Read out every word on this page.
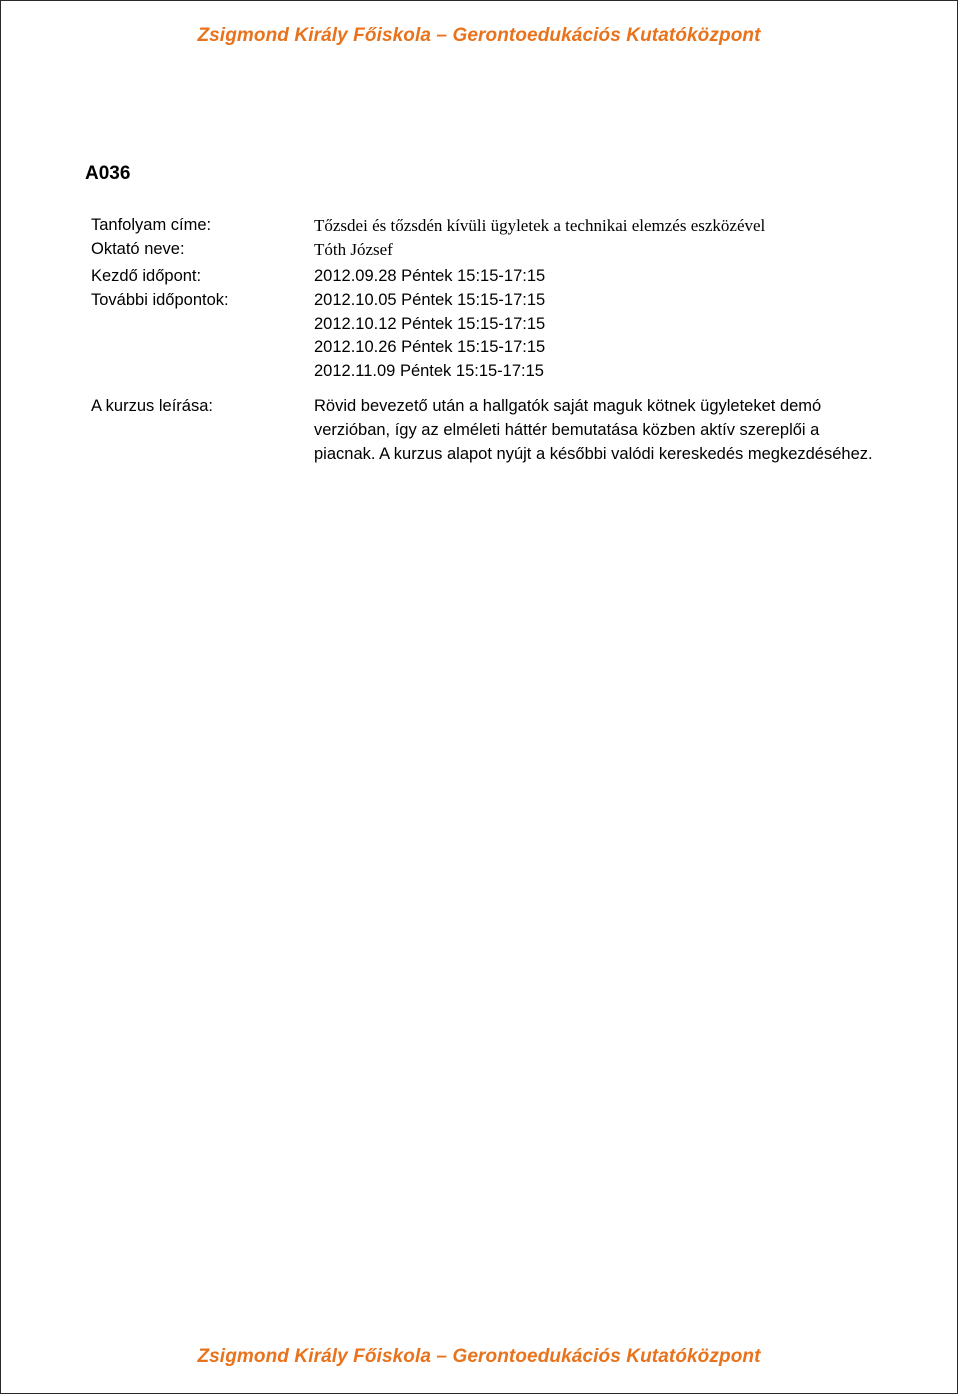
Zsigmond Király Főiskola – Gerontoedukációs Kutatóközpont
A036
Tanfolyam címe:	Tőzsdei és tőzsdén kívüli ügyletek a technikai elemzés eszközével
Oktató neve:	Tóth József
Kezdő időpont:	2012.09.28 Péntek 15:15-17:15
További időpontok:	2012.10.05 Péntek 15:15-17:15
2012.10.12 Péntek 15:15-17:15
2012.10.26 Péntek 15:15-17:15
2012.11.09 Péntek 15:15-17:15
A kurzus leírása:	Rövid bevezető után a hallgatók saját maguk kötnek ügyleteket demó verzióban, így az elméleti háttér bemutatása közben aktív szereplői a piacnak. A kurzus alapot nyújt a későbbi valódi kereskedés megkezdéséhez.
Zsigmond Király Főiskola – Gerontoedukációs Kutatóközpont
